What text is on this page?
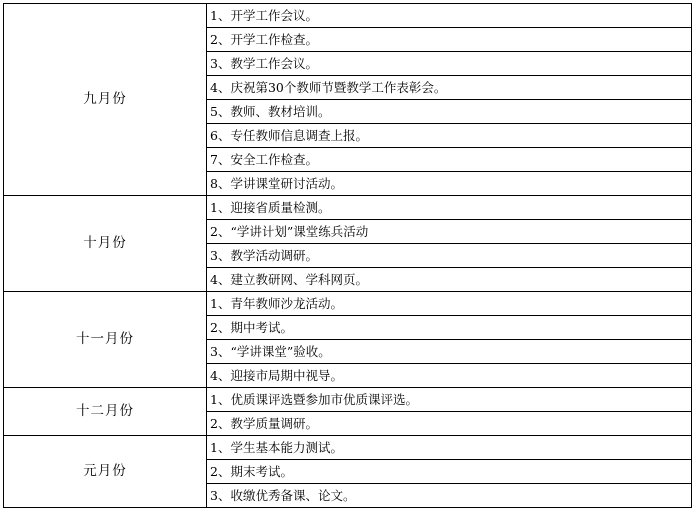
九月份	1、开学工作会议。
	2、开学工作检查。
	3、教学工作会议。
	4、庆祝第30个教师节暨教学工作表彰会。
	5、教师、教材培训。
	6、专任教师信息调查上报。
	7、安全工作检查。
	8、学讲课堂研讨活动。
十月份	1、迎接省质量检测。
	2、“学讲计划”课堂练兵活动
	3、教学活动调研。
	4、建立教研网、学科网页。
十一月份	1、青年教师沙龙活动。
	2、期中考试。
	3、“学讲课堂”验收。
	4、迎接市局期中视导。
十二月份	1、优质课评选暨参加市优质课评选。
	2、教学质量调研。
元月份	1、学生基本能力测试。
	2、期末考试。
	3、收缴优秀备课、论文。
